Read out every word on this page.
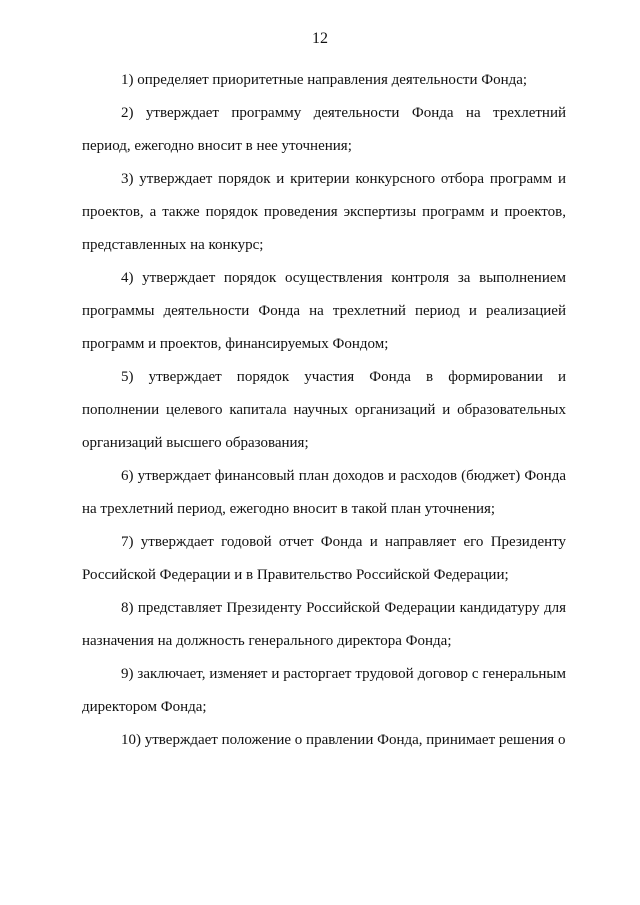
12

1) определяет приоритетные направления деятельности Фонда;

2) утверждает программу деятельности Фонда на трехлетний период, ежегодно вносит в нее уточнения;

3) утверждает порядок и критерии конкурсного отбора программ и проектов, а также порядок проведения экспертизы программ и проектов, представленных на конкурс;

4) утверждает порядок осуществления контроля за выполнением программы деятельности Фонда на трехлетний период и реализацией программ и проектов, финансируемых Фондом;

5) утверждает порядок участия Фонда в формировании и пополнении целевого капитала научных организаций и образовательных организаций высшего образования;

6) утверждает финансовый план доходов и расходов (бюджет) Фонда на трехлетний период, ежегодно вносит в такой план уточнения;

7) утверждает годовой отчет Фонда и направляет его Президенту Российской Федерации и в Правительство Российской Федерации;

8) представляет Президенту Российской Федерации кандидатуру для назначения на должность генерального директора Фонда;

9) заключает, изменяет и расторгает трудовой договор с генеральным директором Фонда;

10) утверждает положение о правлении Фонда, принимает решения о
